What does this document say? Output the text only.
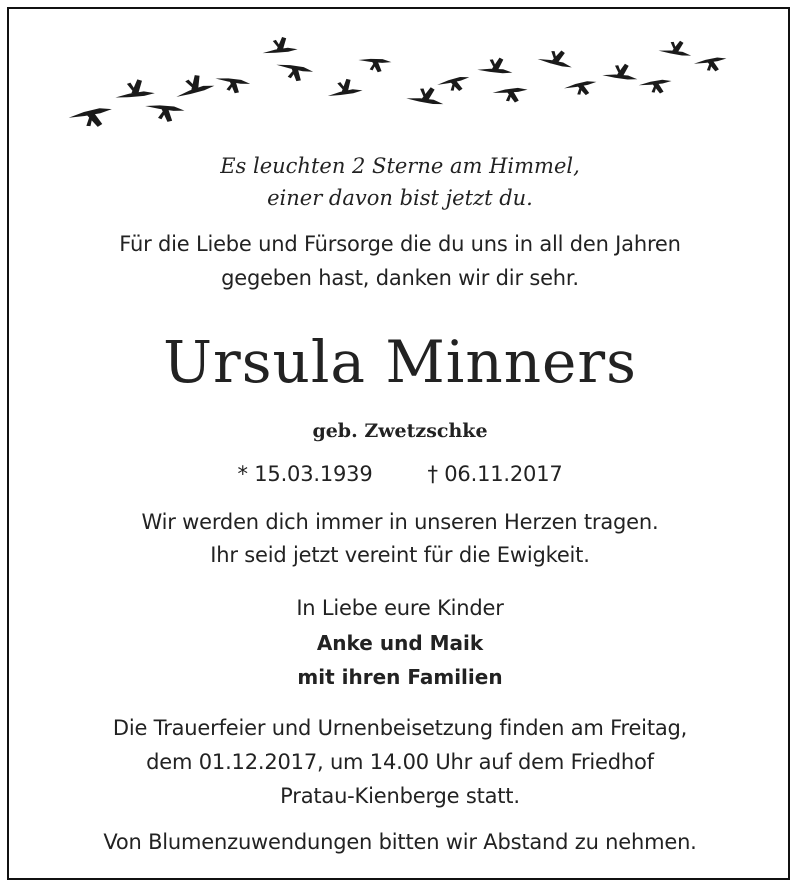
Es leuchten 2 Sterne am Himmel,
einer davon bist jetzt du.
Für die Liebe und Fürsorge die du uns in all den Jahren
gegeben hast, danken wir dir sehr.
Ursula Minners
geb. Zwetzschke
* 15.03.1939	† 06.11.2017
Wir werden dich immer in unseren Herzen tragen.
Ihr seid jetzt vereint für die Ewigkeit.
In Liebe eure Kinder
Anke und Maik
mit ihren Familien
Die Trauerfeier und Urnenbeisetzung finden am Freitag,
dem 01.12.2017, um 14.00 Uhr auf dem Friedhof
Pratau-Kienberge statt.
Von Blumenzuwendungen bitten wir Abstand zu nehmen.
